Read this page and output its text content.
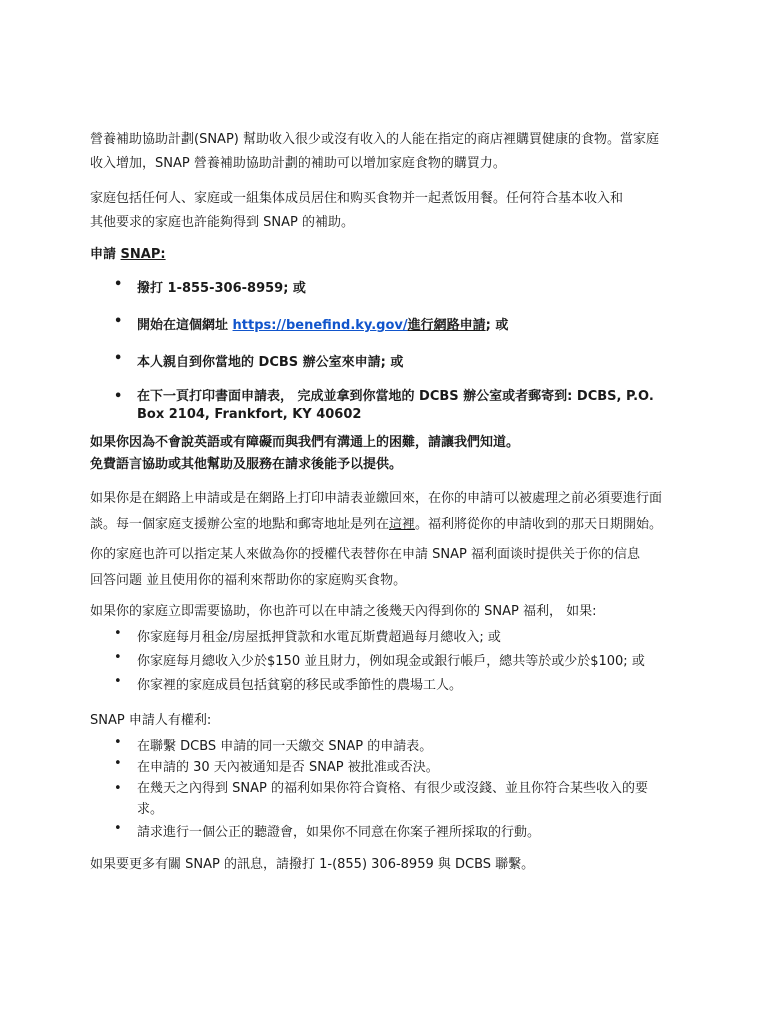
營養補助協助計劃(SNAP) 幫助收入很少或沒有收入的人能在指定的商店裡購買健康的食物。當家庭
收入增加，SNAP 營養補助協助計劃的補助可以增加家庭食物的購買力。

家庭包括任何人、家庭或一組集体成员居住和购买食物并一起煮饭用餐。任何符合基本收入和
其他要求的家庭也許能夠得到 SNAP 的補助。

申請 SNAP:

• 撥打 1-855-306-8959; 或
• 開始在這個網址 https://benefind.ky.gov/進行網路申請; 或
• 本人親自到你當地的 DCBS 辦公室來申請; 或
• 在下一頁打印書面申請表， 完成並拿到你當地的 DCBS 辦公室或者郵寄到: DCBS, P.O.
Box 2104, Frankfort, KY 40602

如果你因為不會說英語或有障礙而與我們有溝通上的困難，請讓我們知道。
免費語言協助或其他幫助及服務在請求後能予以提供。

如果你是在網路上申請或是在網路上打印申請表並繳回來，在你的申請可以被處理之前必須要進行面
談。每一個家庭支援辦公室的地點和郵寄地址是列在這裡。福利將從你的申請收到的那天日期開始。

你的家庭也許可以指定某人來做為你的授權代表替你在申請 SNAP 福利面谈时提供关于你的信息
回答问题 並且使用你的福利來帮助你的家庭购买食物。

如果你的家庭立即需要協助，你也許可以在申請之後幾天內得到你的 SNAP 福利， 如果:

• 你家庭每月租金/房屋抵押貸款和水電瓦斯費超過每月總收入; 或
• 你家庭每月總收入少於$150 並且財力，例如現金或銀行帳戶，總共等於或少於$100; 或
• 你家裡的家庭成員包括貧窮的移民或季節性的農場工人。

SNAP 申請人有權利:

• 在聯繫 DCBS 申請的同一天繳交 SNAP 的申請表。
• 在申請的 30 天內被通知是否 SNAP 被批准或否決。
• 在幾天之內得到 SNAP 的福利如果你符合資格、有很少或沒錢、並且你符合某些收入的要
求。
• 請求進行一個公正的聽證會，如果你不同意在你案子裡所採取的行動。

如果要更多有關 SNAP 的訊息，請撥打 1-(855) 306-8959 與 DCBS 聯繫。
